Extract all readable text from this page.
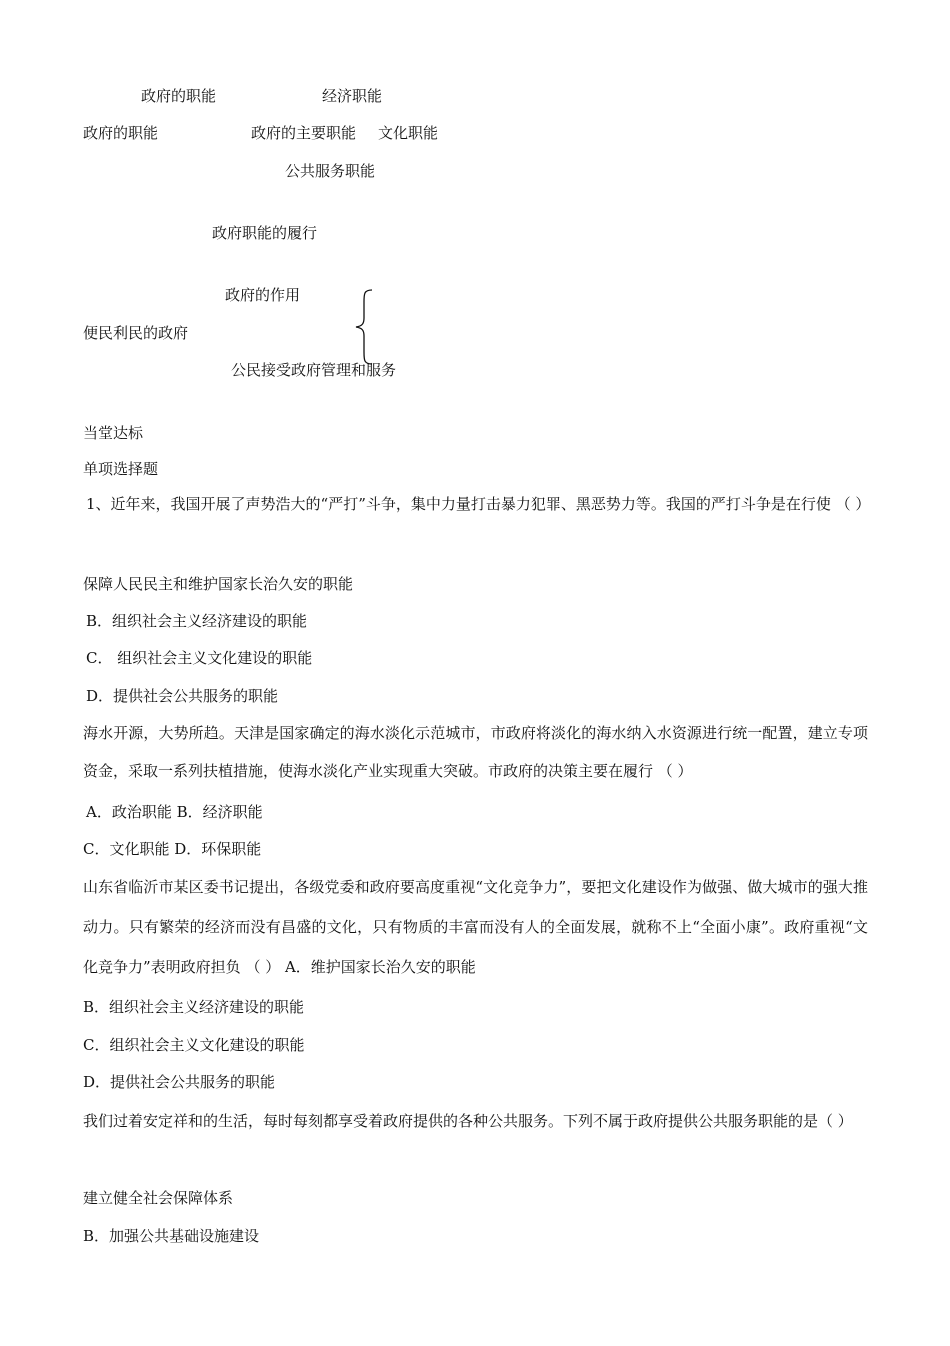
政府的职能	经济职能
政府的职能	政府的主要职能 文化职能
公共服务职能
政府职能的履行
政府的作用
便民利民的政府
公民接受政府管理和服务
当堂达标
单项选择题
1、近年来，我国开展了声势浩大的“严打”斗争，集中力量打击暴力犯罪、黑恶势力等。我国的严打斗争是在行使 （ ）
保障人民民主和维护国家长治久安的职能
B．组织社会主义经济建设的职能
C． 组织社会主义文化建设的职能
D．提供社会公共服务的职能
海水开源，大势所趋。天津是国家确定的海水淡化示范城市，市政府将淡化的海水纳入水资源进行统一配置，建立专项资金，采取一系列扶植措施，使海水淡化产业实现重大突破。市政府的决策主要在履行 （ ）
A．政治职能 B．经济职能
C．文化职能 D．环保职能
山东省临沂市某区委书记提出，各级党委和政府要高度重视“文化竞争力”，要把文化建设作为做强、做大城市的强大推动力。只有繁荣的经济而没有昌盛的文化，只有物质的丰富而没有人的全面发展，就称不上“全面小康”。政府重视“文化竞争力”表明政府担负 （ ） A．维护国家长治久安的职能
B．组织社会主义经济建设的职能
C．组织社会主义文化建设的职能
D．提供社会公共服务的职能
我们过着安定祥和的生活，每时每刻都享受着政府提供的各种公共服务。下列不属于政府提供公共服务职能的是（ ）
建立健全社会保障体系
B．加强公共基础设施建设
